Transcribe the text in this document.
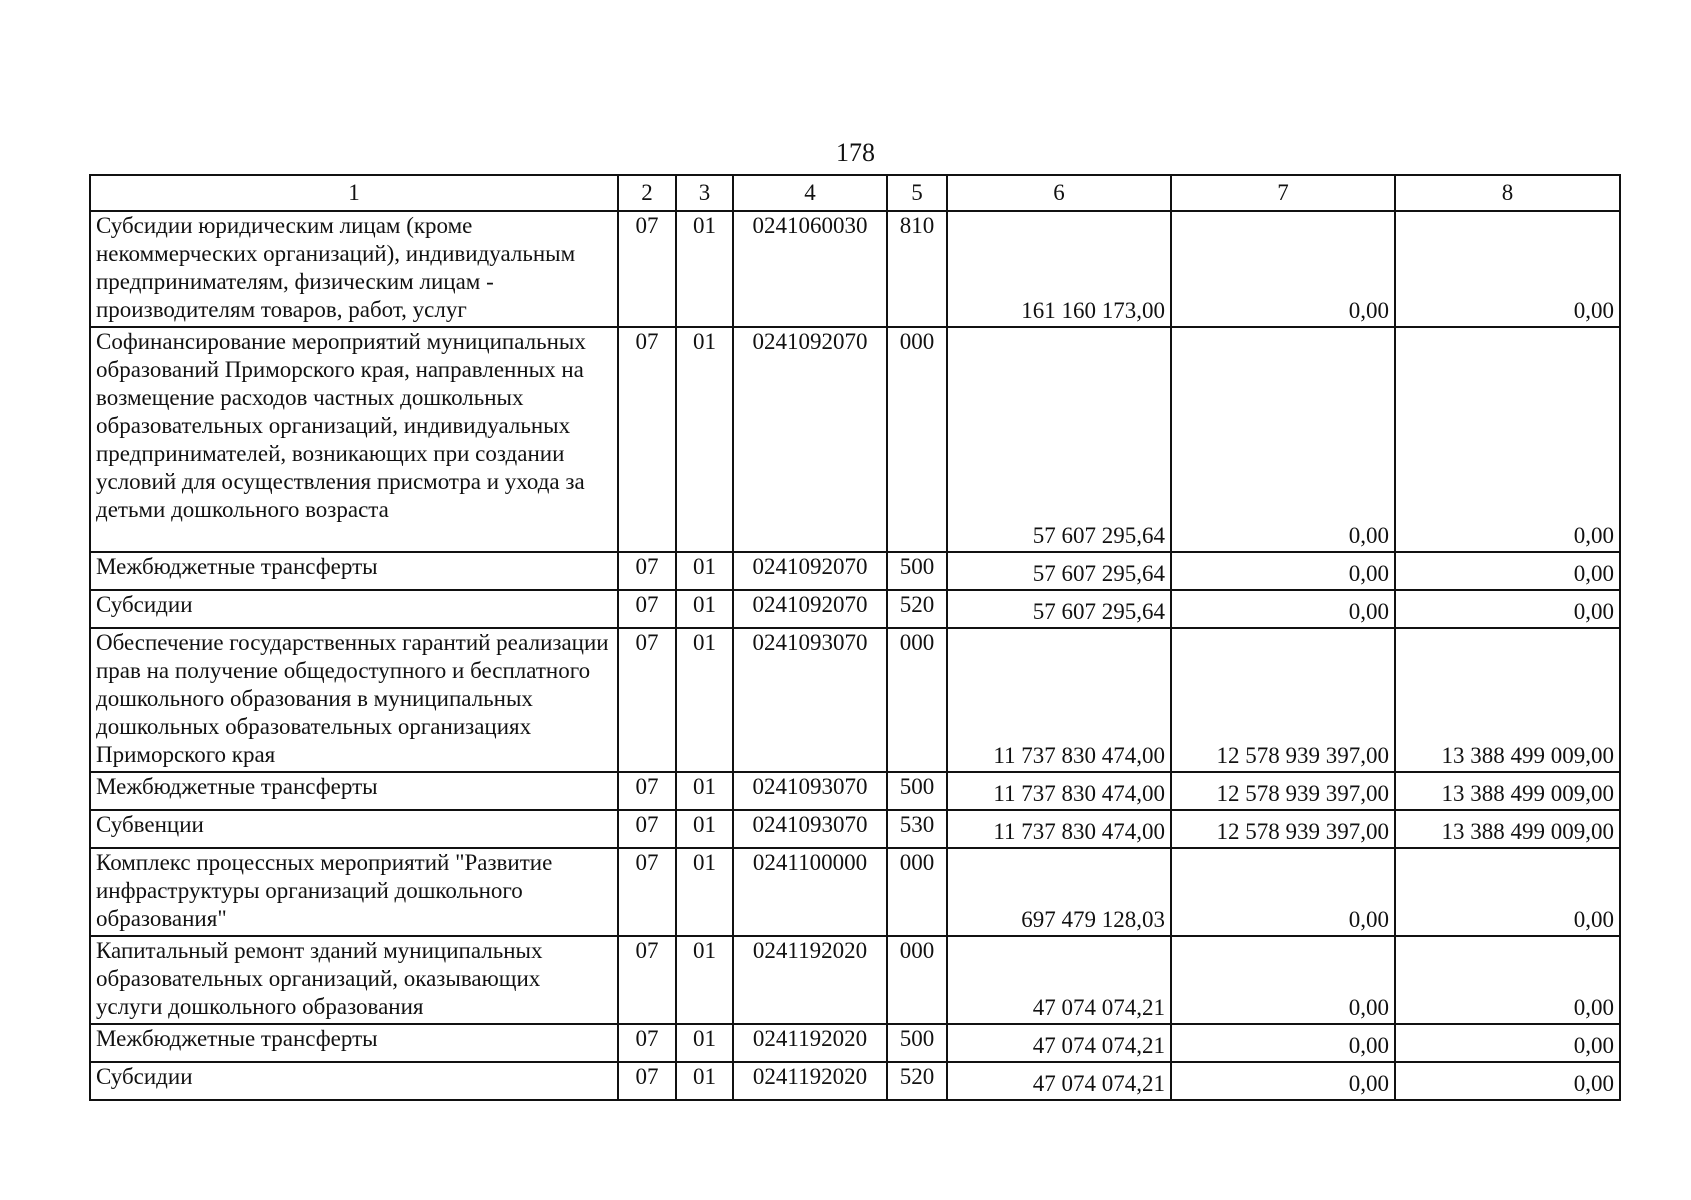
178
1	2	3	4	5	6	7	8
Субсидии юридическим лицам (кроме некоммерческих организаций), индивидуальным предпринимателям, физическим лицам - производителям товаров, работ, услуг	07	01	0241060030	810	161 160 173,00	0,00	0,00
Софинансирование мероприятий муниципальных образований Приморского края, направленных на возмещение расходов частных дошкольных образовательных организаций, индивидуальных предпринимателей, возникающих при создании условий для осуществления присмотра и ухода за детьми дошкольного возраста	07	01	0241092070	000	57 607 295,64	0,00	0,00
Межбюджетные трансферты	07	01	0241092070	500	57 607 295,64	0,00	0,00
Субсидии	07	01	0241092070	520	57 607 295,64	0,00	0,00
Обеспечение государственных гарантий реализации прав на получение общедоступного и бесплатного дошкольного образования в муниципальных дошкольных образовательных организациях Приморского края	07	01	0241093070	000	11 737 830 474,00	12 578 939 397,00	13 388 499 009,00
Межбюджетные трансферты	07	01	0241093070	500	11 737 830 474,00	12 578 939 397,00	13 388 499 009,00
Субвенции	07	01	0241093070	530	11 737 830 474,00	12 578 939 397,00	13 388 499 009,00
Комплекс процессных мероприятий "Развитие инфраструктуры организаций дошкольного образования"	07	01	0241100000	000	697 479 128,03	0,00	0,00
Капитальный ремонт зданий муниципальных образовательных организаций, оказывающих услуги дошкольного образования	07	01	0241192020	000	47 074 074,21	0,00	0,00
Межбюджетные трансферты	07	01	0241192020	500	47 074 074,21	0,00	0,00
Субсидии	07	01	0241192020	520	47 074 074,21	0,00	0,00
